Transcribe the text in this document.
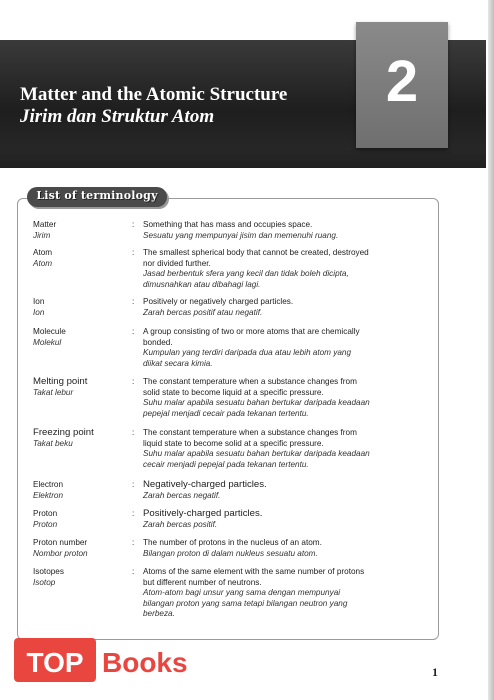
2
Matter and the Atomic Structure
Jirim dan Struktur Atom
List of terminology
Matter
Jirim
: Something that has mass and occupies space.
Sesuatu yang mempunyai jisim dan memenuhi ruang.
Atom
Atom
: The smallest spherical body that cannot be created, destroyed
nor divided further.
Jasad berbentuk sfera yang kecil dan tidak boleh dicipta,
dimusnahkan atau dibahagi lagi.
Ion
Ion
: Positively or negatively charged particles.
Zarah bercas positif atau negatif.
Molecule
Molekul
: A group consisting of two or more atoms that are chemically
bonded.
Kumpulan yang terdiri daripada dua atau lebih atom yang
diikat secara kimia.
Melting point
Takat lebur
: The constant temperature when a substance changes from
solid state to become liquid at a specific pressure.
Suhu malar apabila sesuatu bahan bertukar daripada keadaan
pepejal menjadi cecair pada tekanan tertentu.
Freezing point
Takat beku
: The constant temperature when a substance changes from
liquid state to become solid at a specific pressure.
Suhu malar apabila sesuatu bahan bertukar daripada keadaan
cecair menjadi pepejal pada tekanan tertentu.
Electron
Elektron
: Negatively-charged particles.
Zarah bercas negatif.
Proton
Proton
: Positively-charged particles.
Zarah bercas positif.
Proton number
Nombor proton
: The number of protons in the nucleus of an atom.
Bilangan proton di dalam nukleus sesuatu atom.
Isotopes
Isotop
: Atoms of the same element with the same number of protons
but different number of neutrons.
Atom-atom bagi unsur yang sama dengan mempunyai
bilangan proton yang sama tetapi bilangan neutron yang
berbeza.
TOP Books	1
